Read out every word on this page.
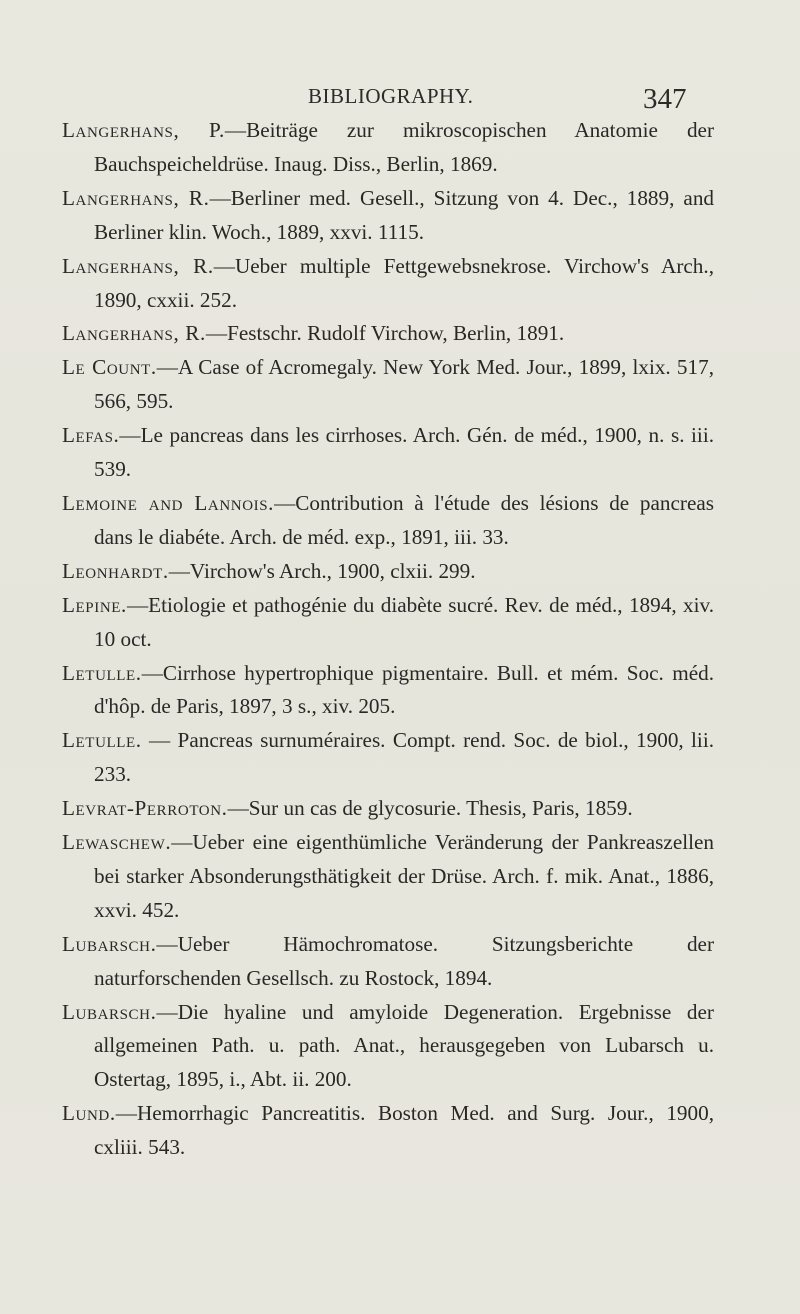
BIBLIOGRAPHY.	347

Langerhans, P.—Beiträge zur mikroscopischen Anatomie der Bauchspeicheldrüse. Inaug. Diss., Berlin, 1869.

Langerhans, R.—Berliner med. Gesell., Sitzung von 4. Dec., 1889, and Berliner klin. Woch., 1889, xxvi. 1115.

Langerhans, R.—Ueber multiple Fettgewebsnekrose. Virchow's Arch., 1890, cxxii. 252.

Langerhans, R.—Festschr. Rudolf Virchow, Berlin, 1891.

Le Count.—A Case of Acromegaly. New York Med. Jour., 1899, lxix. 517, 566, 595.

Lefas.—Le pancreas dans les cirrhoses. Arch. Gén. de méd., 1900, n. s. iii. 539.

Lemoine and Lannois.—Contribution à l'étude des lésions de pancreas dans le diabéte. Arch. de méd. exp., 1891, iii. 33.

Leonhardt.—Virchow's Arch., 1900, clxii. 299.

Lepine.—Etiologie et pathogénie du diabète sucré. Rev. de méd., 1894, xiv. 10 oct.

Letulle.—Cirrhose hypertrophique pigmentaire. Bull. et mém. Soc. méd. d'hôp. de Paris, 1897, 3 s., xiv. 205.

Letulle. — Pancreas surnuméraires. Compt. rend. Soc. de biol., 1900, lii. 233.

Levrat-Perroton.—Sur un cas de glycosurie. Thesis, Paris, 1859.

Lewaschew.—Ueber eine eigenthümliche Veränderung der Pankreaszellen bei starker Absonderungsthätigkeit der Drüse. Arch. f. mik. Anat., 1886, xxvi. 452.

Lubarsch.—Ueber Hämochromatose. Sitzungsberichte der naturforschenden Gesellsch. zu Rostock, 1894.

Lubarsch.—Die hyaline und amyloide Degeneration. Ergebnisse der allgemeinen Path. u. path. Anat., herausgegeben von Lubarsch u. Ostertag, 1895, i., Abt. ii. 200.

Lund.—Hemorrhagic Pancreatitis. Boston Med. and Surg. Jour., 1900, cxliii. 543.
